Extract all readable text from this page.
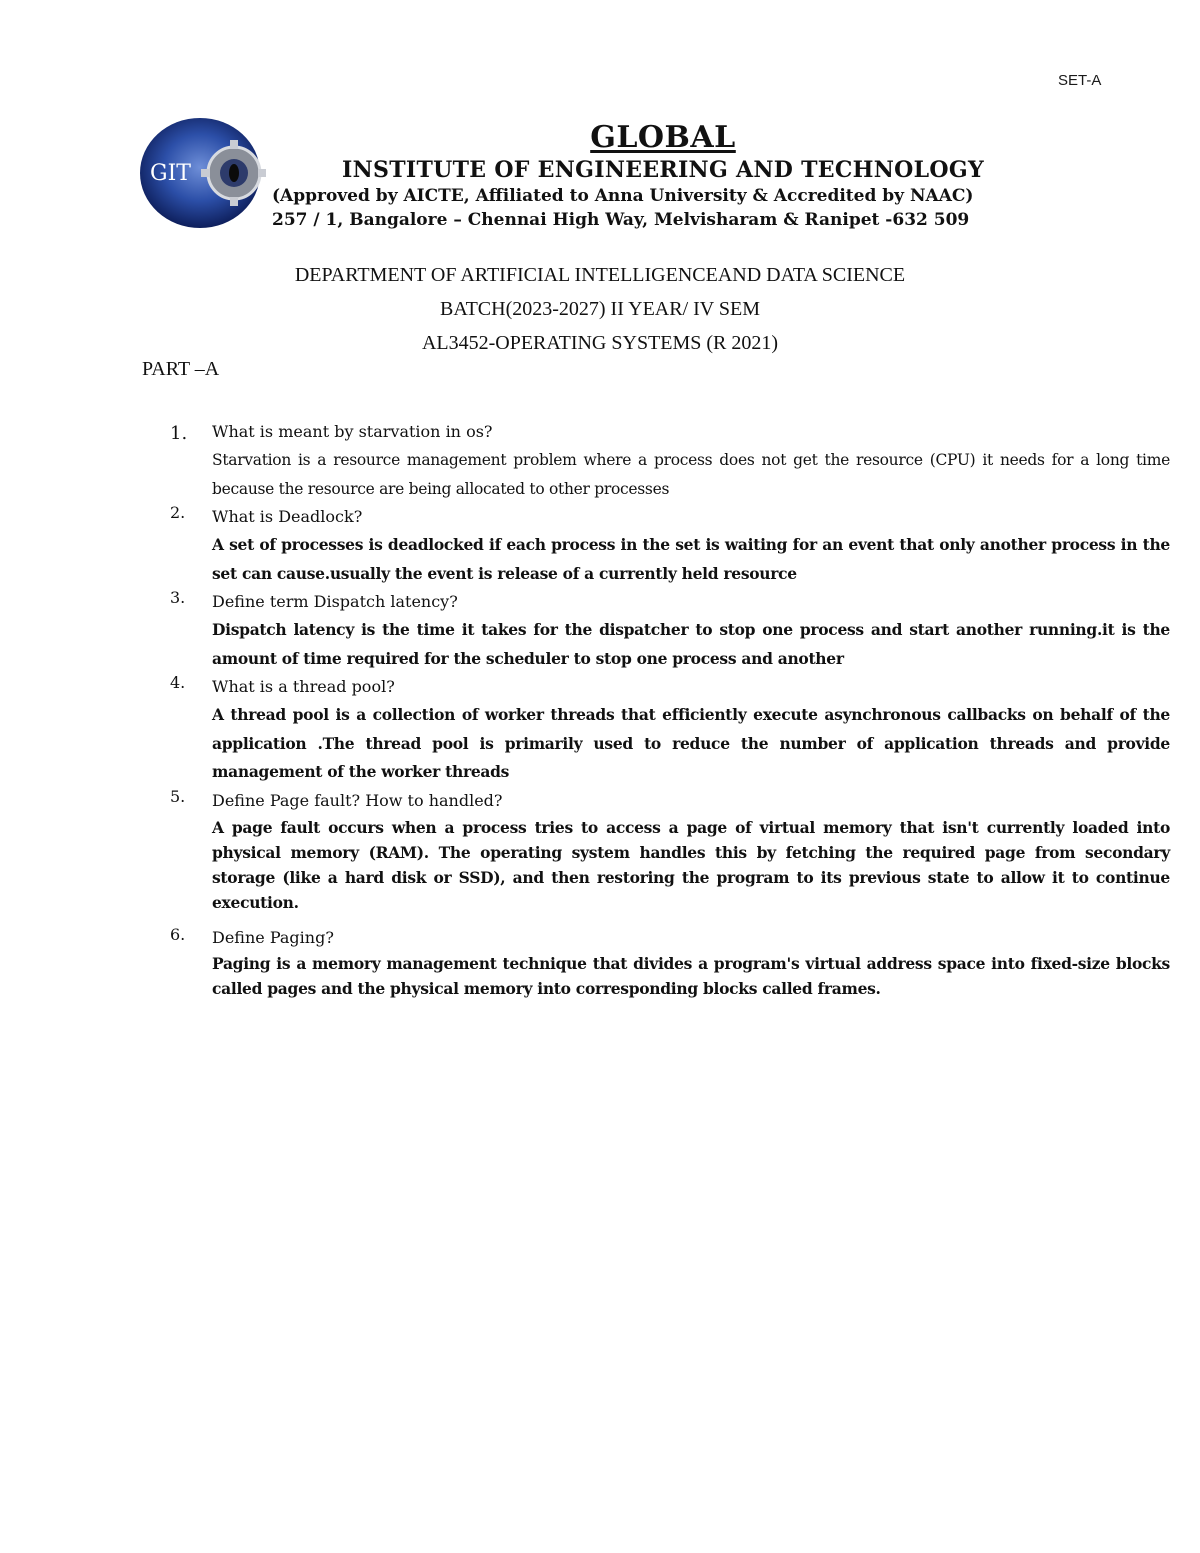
SET-A
GIT
GLOBAL
INSTITUTE OF ENGINEERING AND TECHNOLOGY
(Approved by AICTE, Affiliated to Anna University & Accredited by NAAC)
257 / 1, Bangalore – Chennai High Way, Melvisharam & Ranipet -632 509
DEPARTMENT OF ARTIFICIAL INTELLIGENCEAND DATA SCIENCE
BATCH(2023-2027) II YEAR/ IV SEM
AL3452-OPERATING SYSTEMS (R 2021)
PART –A
1.	What is meant by starvation in os?
Starvation is a resource management problem where a process does not get the resource (CPU) it needs for a long time because the resource are being allocated to other processes
2.	What is Deadlock?
A set of processes is deadlocked if each process in the set is waiting for an event that only another process in the set can cause.usually the event is release of a currently held resource
3.	Define term Dispatch latency?
Dispatch latency is the time it takes for the dispatcher to stop one process and start another running.it is the amount of time required for the scheduler to stop one process and another
4.	What is a thread pool?
A thread pool is a collection of worker threads that efficiently execute asynchronous callbacks on behalf of the application .The thread pool is primarily used to reduce the number of application threads and provide management of the worker threads
5.	Define Page fault? How to handled?
A page fault occurs when a process tries to access a page of virtual memory that isn't currently loaded into physical memory (RAM). The operating system handles this by fetching the required page from secondary storage (like a hard disk or SSD), and then restoring the program to its previous state to allow it to continue execution.
6.	Define Paging?
Paging is a memory management technique that divides a program's virtual address space into fixed-size blocks called pages and the physical memory into corresponding blocks called frames.
